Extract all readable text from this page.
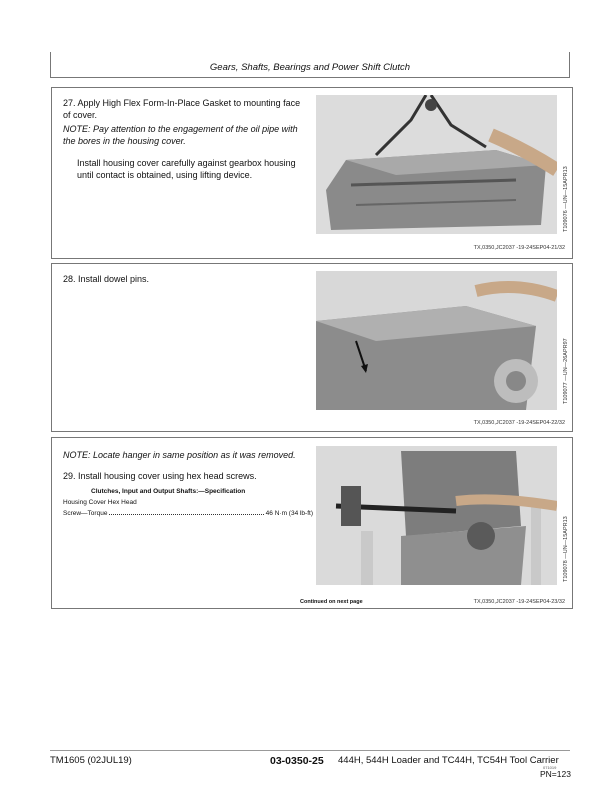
Gears, Shafts, Bearings and Power Shift Clutch
27. Apply High Flex Form-In-Place Gasket to mounting face of cover.
NOTE: Pay attention to the engagement of the oil pipe with the bores in the housing cover.
Install housing cover carefully against gearbox housing until contact is obtained, using lifting device.	T109076 —UN—15APR13
TX,0350,JC2037 -19-24SEP04-21/32
28. Install dowel pins.
T109077 —UN—26APR97
TX,0350,JC2037 -19-24SEP04-22/32
NOTE: Locate hanger in same position as it was removed.
29. Install housing cover using hex head screws.
Clutches, Input and Output Shafts:—Specification
Housing Cover Hex Head
Screw—Torque	46 N·m (34 lb-ft)
T109078 —UN—15APR13
Continued on next page	TX,0350,JC2037 -19-24SEP04-23/32
TM1605 (02JUL19)	03-0350-25 444H, 544H Loader and TC44H, TC54H Tool Carrier
071019
PN=123
